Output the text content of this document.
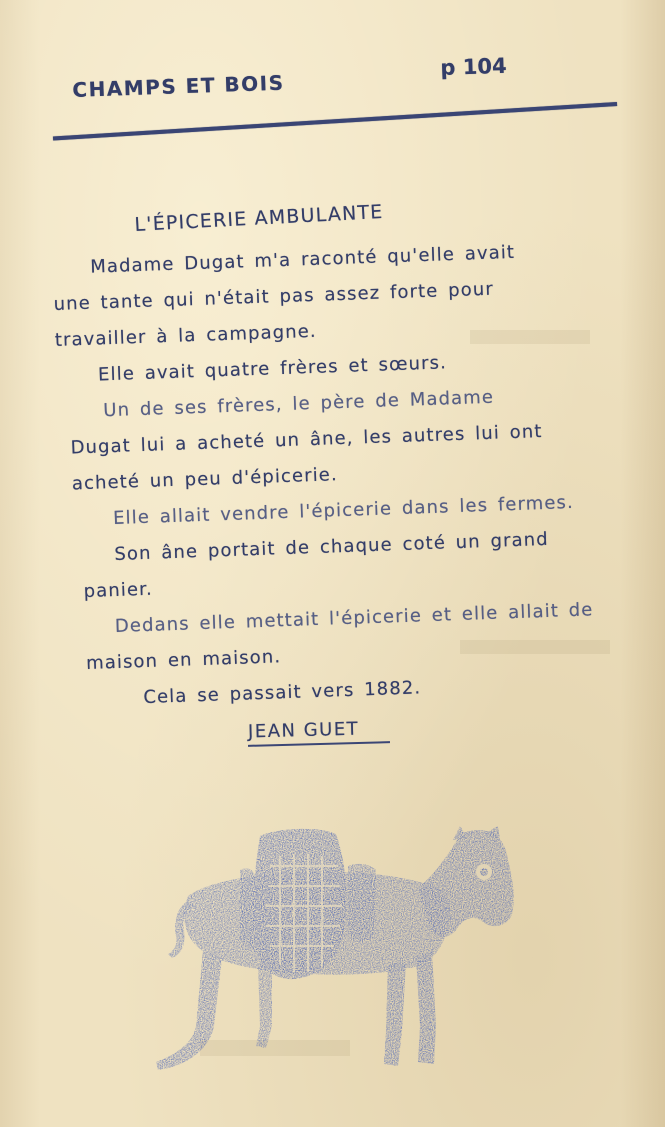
CHAMPS ET BOIS
p 104
L'ÉPICERIE AMBULANTE
Madame Dugat m'a raconté qu'elle avait
une tante qui n'était pas assez forte pour
travailler à la campagne.
Elle avait quatre frères et sœurs.
Un de ses frères, le père de Madame
Dugat lui a acheté un âne, les autres lui ont
acheté un peu d'épicerie.
Elle allait vendre l'épicerie dans les fermes.
Son âne portait de chaque coté un grand
panier.
Dedans elle mettait l'épicerie et elle allait de
maison en maison.
Cela se passait vers 1882.
JEAN GUET
